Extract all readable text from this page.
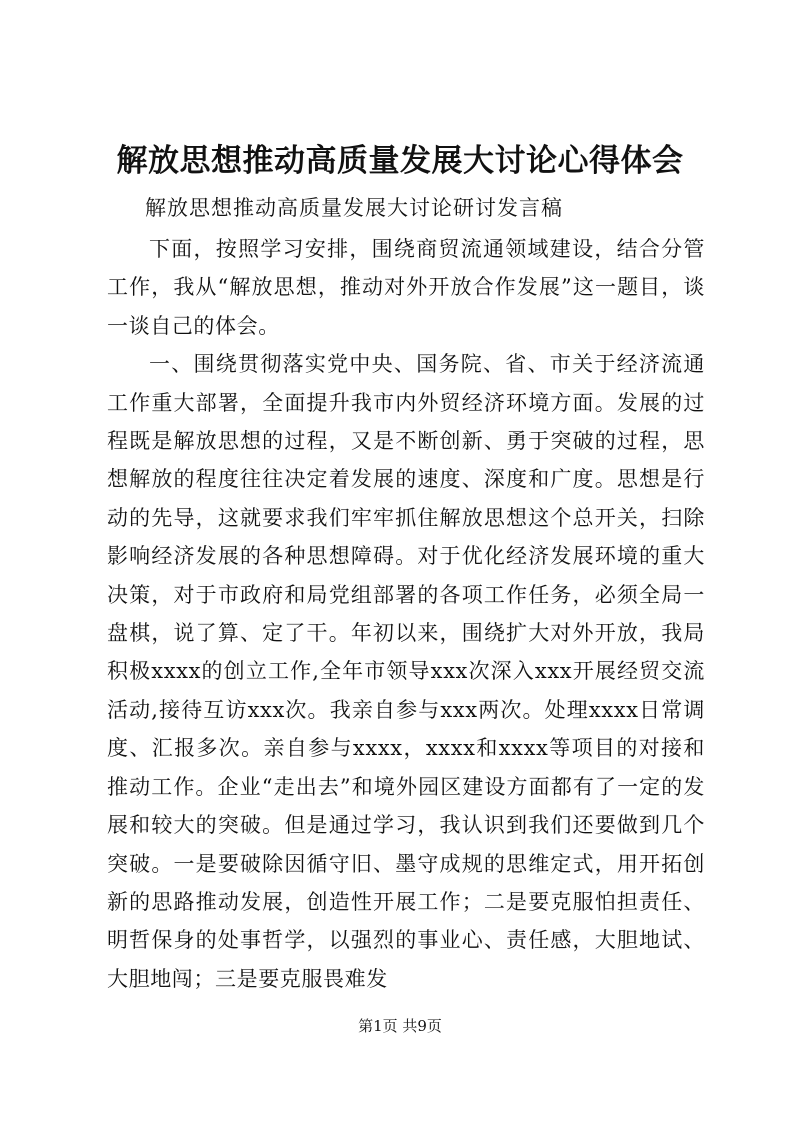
解放思想推动高质量发展大讨论心得体会
解放思想推动高质量发展大讨论研讨发言稿

下面，按照学习安排，围绕商贸流通领域建设，结合分管工作，我从“解放思想，推动对外开放合作发展”这一题目，谈一谈自己的体会。

一、围绕贯彻落实党中央、国务院、省、市关于经济流通工作重大部署，全面提升我市内外贸经济环境方面。发展的过程既是解放思想的过程，又是不断创新、勇于突破的过程，思想解放的程度往往决定着发展的速度、深度和广度。思想是行动的先导，这就要求我们牢牢抓住解放思想这个总开关，扫除影响经济发展的各种思想障碍。对于优化经济发展环境的重大决策，对于市政府和局党组部署的各项工作任务，必须全局一盘棋，说了算、定了干。年初以来，围绕扩大对外开放，我局积极xxxx的创立工作,全年市领导xxx次深入xxx开展经贸交流活动,接待互访xxx次。我亲自参与xxx两次。处理xxxx日常调度、汇报多次。亲自参与xxxx，xxxx和xxxx等项目的对接和推动工作。企业“走出去”和境外园区建设方面都有了一定的发展和较大的突破。但是通过学习，我认识到我们还要做到几个突破。一是要破除因循守旧、墨守成规的思维定式，用开拓创新的思路推动发展，创造性开展工作；二是要克服怕担责任、明哲保身的处事哲学，以强烈的事业心、责任感，大胆地试、大胆地闯；三是要克服畏难发

第1页 共9页
